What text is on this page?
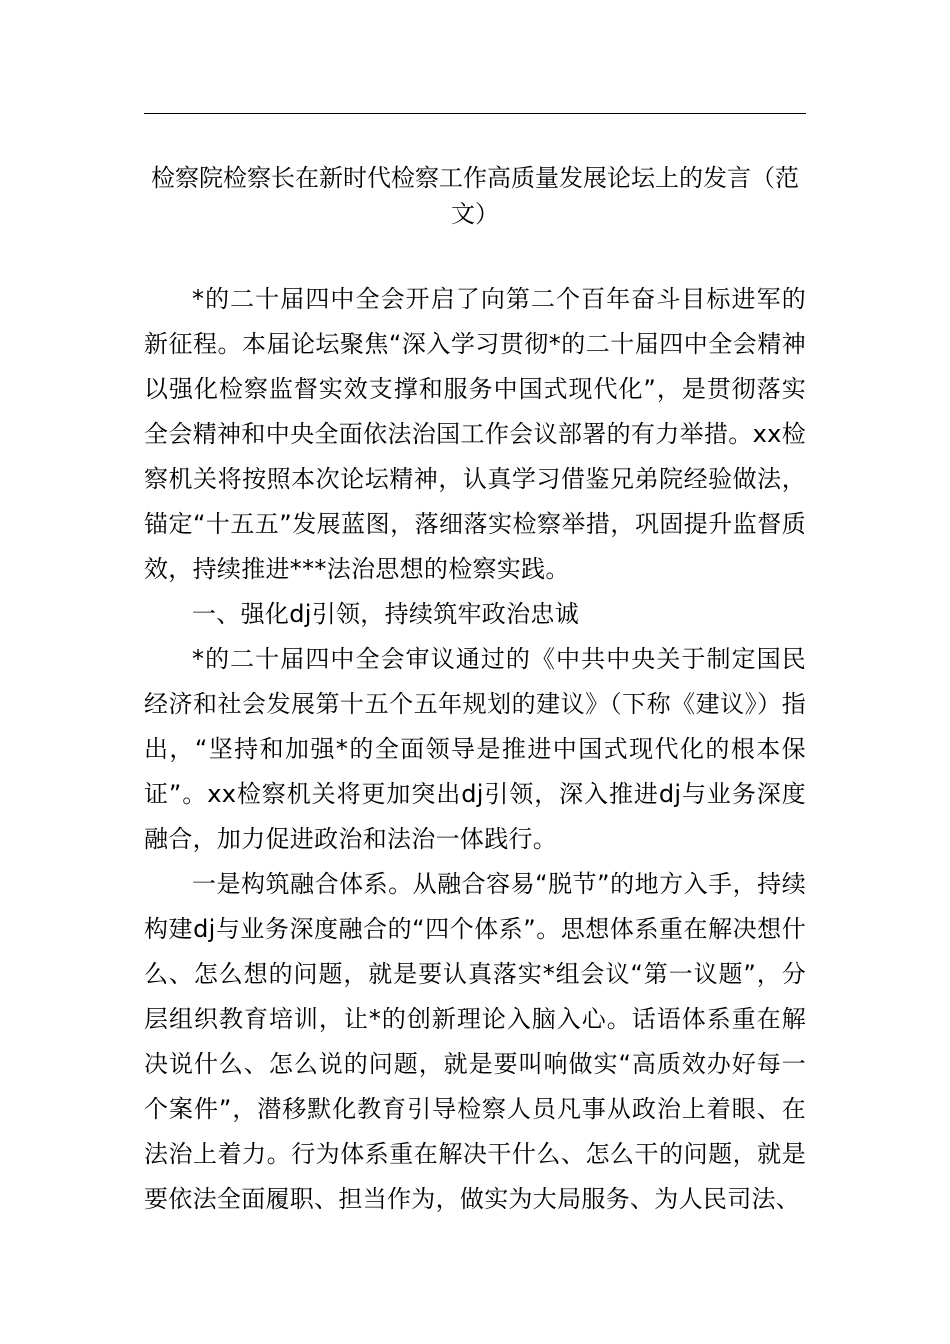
检察院检察长在新时代检察工作高质量发展论坛上的发言（范文）

*的二十届四中全会开启了向第二个百年奋斗目标进军的新征程。本届论坛聚焦“深入学习贯彻*的二十届四中全会精神以强化检察监督实效支撑和服务中国式现代化”，是贯彻落实全会精神和中央全面依法治国工作会议部署的有力举措。xx检察机关将按照本次论坛精神，认真学习借鉴兄弟院经验做法，锚定“十五五”发展蓝图，落细落实检察举措，巩固提升监督质效，持续推进***法治思想的检察实践。

一、强化dj引领，持续筑牢政治忠诚

*的二十届四中全会审议通过的《中共中央关于制定国民经济和社会发展第十五个五年规划的建议》（下称《建议》）指出，“坚持和加强*的全面领导是推进中国式现代化的根本保证”。xx检察机关将更加突出dj引领，深入推进dj与业务深度融合，加力促进政治和法治一体践行。

一是构筑融合体系。从融合容易“脱节”的地方入手，持续构建dj与业务深度融合的“四个体系”。思想体系重在解决想什么、怎么想的问题，就是要认真落实*组会议“第一议题”，分层组织教育培训，让*的创新理论入脑入心。话语体系重在解决说什么、怎么说的问题，就是要叫响做实“高质效办好每一个案件”，潜移默化教育引导检察人员凡事从政治上着眼、在法治上着力。行为体系重在解决干什么、怎么干的问题，就是要依法全面履职、担当作为，做实为大局服务、为人民司法、
